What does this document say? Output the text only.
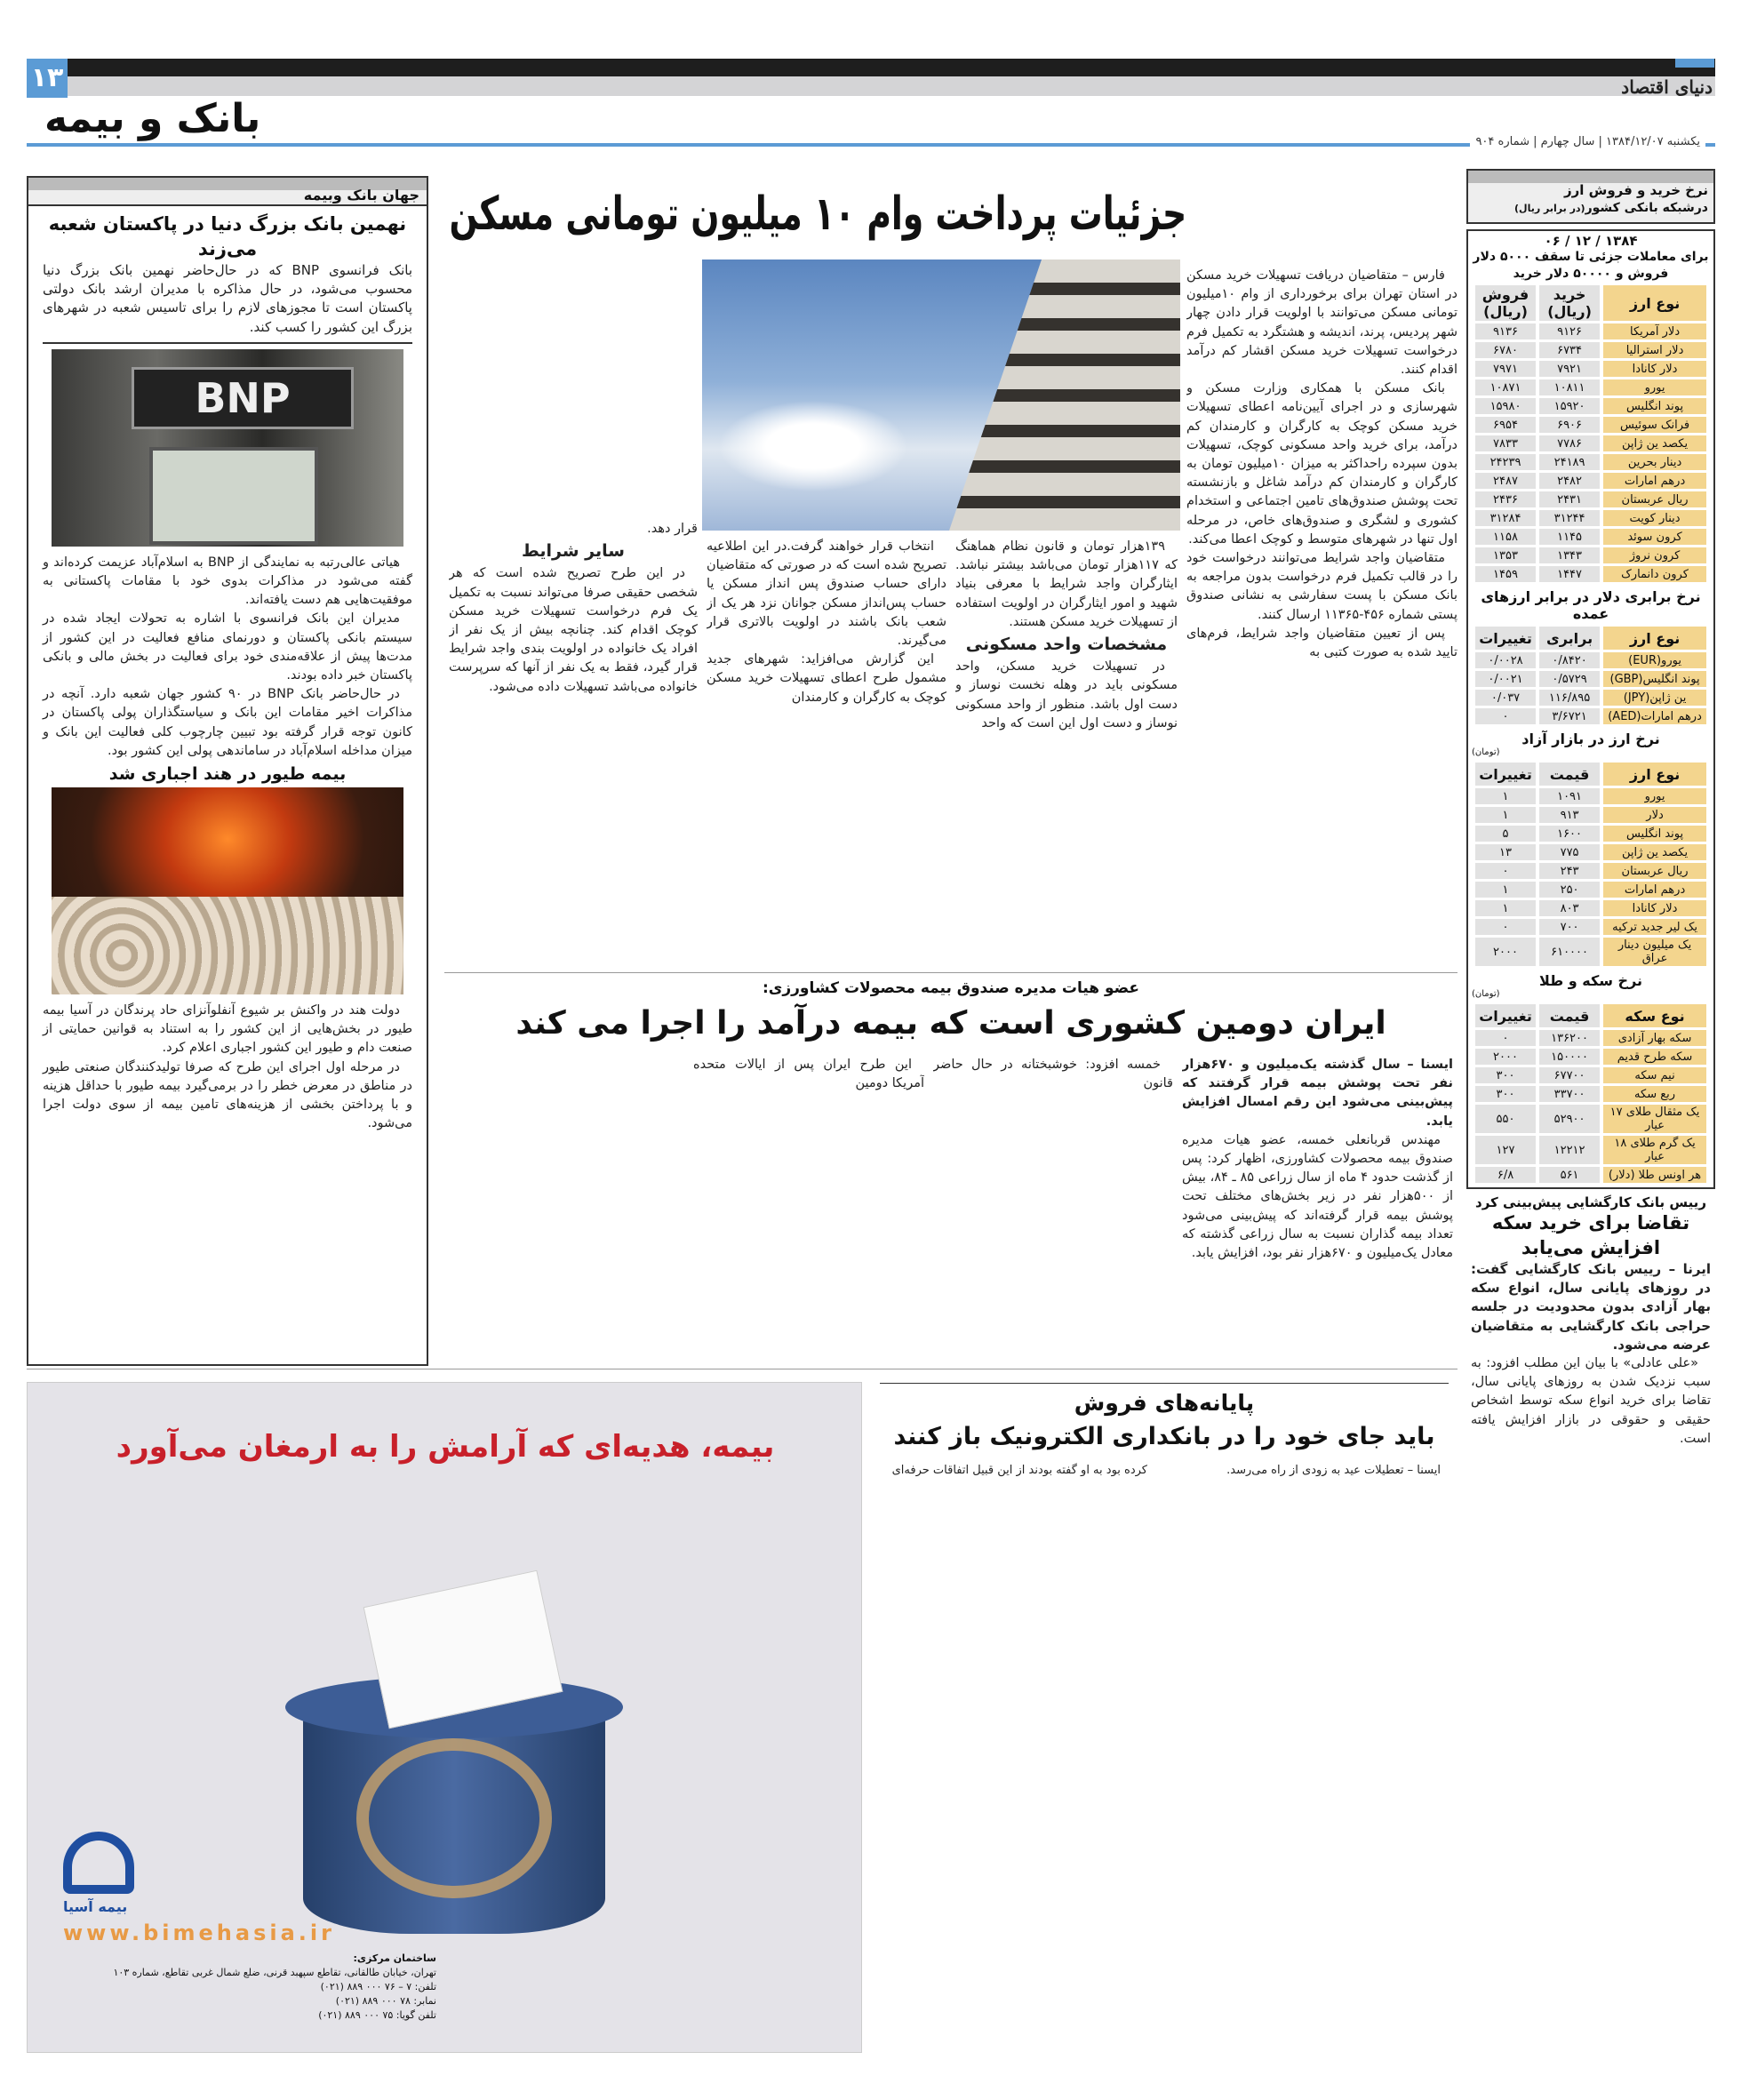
۱۳	دنیای اقتصاد
بانک و بیمه
یکشنبه ۱۳۸۴/۱۲/۰۷ | سال چهارم | شماره ۹۰۴
جهان بانک وبیمه
نهمین بانک بزرگ دنیا در پاکستان شعبه می‌زند
بانک فرانسوی BNP که در حال‌حاضر نهمین بانک بزرگ دنیا محسوب می‌شود، در حال مذاکره با مدیران ارشد بانک دولتی پاکستان است تا مجوزهای لازم را برای تاسیس شعبه در شهرهای بزرگ این کشور را کسب کند.
BNP

هیاتی عالی‌رتبه به نمایندگی از BNP به اسلام‌آباد عزیمت کرده‌اند و گفته می‌شود در مذاکرات بدوی خود با مقامات پاکستانی به موفقیت‌هایی هم دست یافته‌اند.

مدیران این بانک فرانسوی با اشاره به تحولات ایجاد شده در سیستم بانکی پاکستان و دورنمای منافع فعالیت در این کشور از مدت‌ها پیش از علاقه‌مندی خود برای فعالیت در بخش مالی و بانکی پاکستان خبر داده بودند.

در حال‌حاضر بانک BNP در ۹۰ کشور جهان شعبه دارد. آنچه در مذاکرات اخیر مقامات این بانک و سیاستگذاران پولی پاکستان در کانون توجه قرار گرفته بود تبیین چارچوب کلی فعالیت این بانک و میزان مداخله اسلام‌آباد در ساماندهی پولی این کشور بود.

بیمه طیور در هند اجباری شد

دولت هند در واکنش بر شیوع آنفلوآنزای حاد پرندگان در آسیا بیمه طیور در بخش‌هایی از این کشور را به استناد به قوانین حمایتی از صنعت دام و طیور این کشور اجباری اعلام کرد.

در مرحله اول اجرای این طرح که صرفا تولیدکنندگان صنعتی طیور در مناطق در معرض خطر را در برمی‌گیرد بیمه طیور با حداقل هزینه و با پرداختن بخشی از هزینه‌های تامین بیمه از سوی دولت اجرا می‌شود.

جزئیات پرداخت وام ۱۰ میلیون تومانی مسکن

فارس – متقاضیان دریافت تسهیلات خرید مسکن در استان تهران برای برخورداری از وام ۱۰میلیون تومانی مسکن می‌توانند با اولویت قرار دادن چهار شهر پردیس، پرند، اندیشه و هشتگرد به تکمیل فرم درخواست تسهیلات خرید مسکن اقشار کم درآمد اقدام کنند.

بانک مسکن با همکاری وزارت مسکن و شهرسازی و در اجرای آیین‌نامه اعطای تسهیلات خرید مسکن کوچک به کارگران و کارمندان کم درآمد، برای خرید واحد مسکونی کوچک، تسهیلات بدون سپرده راحداکثر به میزان ۱۰میلیون تومان به کارگران و کارمندان کم درآمد شاغل و بازنشسته تحت پوشش صندوق‌های تامین اجتماعی و استخدام کشوری و لشگری و صندوق‌های خاص، در مرحله اول تنها در شهرهای متوسط و کوچک اعطا می‌کند.

متقاضیان واجد شرایط می‌توانند درخواست خود را در قالب تکمیل فرم درخواست بدون مراجعه به بانک مسکن با پست سفارشی به نشانی صندوق پستی شماره ۴۵۶-۱۱۳۶۵ ارسال کنند.

پس از تعیین متقاضیان واجد شرایط، فرم‌های تایید شده به صورت کتبی به

۱۳۹هزار تومان و قانون نظام هماهنگ که ۱۱۷هزار تومان می‌باشد بیشتر نباشد. ایثارگران واجد شرایط با معرفی بنیاد شهید و امور ایثارگران در اولویت استفاده از تسهیلات خرید مسکن هستند.

مشخصات واحد مسکونی

در تسهیلات خرید مسکن، واحد مسکونی باید در وهله نخست نوساز و دست اول باشد. منظور از واحد مسکونی نوساز و دست اول این است که واحد

انتخاب قرار خواهند گرفت.در این اطلاعیه تصریح شده است که در صورتی که متقاضیان دارای حساب صندوق پس انداز مسکن یا حساب پس‌انداز مسکن جوانان نزد هر یک از شعب بانک باشند در اولویت بالاتری قرار می‌گیرند.

این گزارش می‌افزاید: شهرهای جدید مشمول طرح اعطای تسهیلات خرید مسکن کوچک به کارگران و کارمندان

قرار دهد.
سایر شرایط

در این طرح تصریح شده است که هر شخصی حقیقی صرفا می‌تواند نسبت به تکمیل یک فرم درخواست تسهیلات خرید مسکن کوچک اقدام کند. چنانچه بیش از یک نفر از افراد یک خانواده در اولویت بندی واجد شرایط قرار گیرد، فقط به یک نفر از آنها که سرپرست خانواده می‌باشد تسهیلات داده می‌شود.

عضو هیات مدیره صندوق بیمه محصولات کشاورزی:
ایران دومین کشوری است که بیمه درآمد را اجرا می کند
ایسنا – سال گذشته یک‌میلیون و ۶۷۰هزار نفر تحت پوشش بیمه قرار گرفتند که پیش‌بینی می‌شود این رقم امسال افزایش یابد.

مهندس قربانعلی خمسه، عضو هیات مدیره صندوق بیمه محصولات کشاورزی، اظهار کرد: پس از گذشت حدود ۴ ماه از سال زراعی ۸۵ ـ ۸۴، بیش از ۵۰۰هزار نفر در زیر بخش‌های مختلف تحت پوشش بیمه قرار گرفته‌اند که پیش‌بینی می‌شود تعداد بیمه گذاران نسبت به سال زراعی گذشته که معادل یک‌میلیون و ۶۷۰هزار نفر بود، افزایش یابد.

خمسه افزود: خوشبختانه در حال حاضر قانون

این طرح ایران پس از ایالات متحده آمریکا دومین

بیمه، هدیه‌ای که آرامش را به ارمغان می‌آورد
بیمه آسیا
www.bimehasia.ir
ساختمان مرکزی:
تهران، خیابان طالقانی، تقاطع سپهبد قرنی، ضلع شمال غربی تقاطع، شماره ۱۰۳
تلفن: ۷ – ۷۶ ۰۰۰ ۸۸۹ (۰۲۱)
نمابر: ۷۸ ۰۰۰ ۸۸۹ (۰۲۱)
تلفن گویا: ۷۵ ۰۰۰ ۸۸۹ (۰۲۱)
پایانه‌های فروش
باید جای خود را در بانکداری الکترونیک باز کنند

ایسنا – تعطیلات عید به زودی از راه می‌رسد.

کرده بود به او گفته بودند از این قبیل اتفاقات حرفه‌ای

نرخ خرید و فروش ارز
درشبکه بانکی کشور(در برابر ریال)
۱۳۸۴ / ۱۲ / ۰۶
برای معاملات جزئی تا سقف ۵۰۰۰ دلار فروش و ۵۰۰۰۰ دلار خرید
نوع ارز	خرید (ریال)	فروش (ریال)
دلار آمریکا	۹۱۲۶	۹۱۳۶
دلار استرالیا	۶۷۳۴	۶۷۸۰
دلار کانادا	۷۹۲۱	۷۹۷۱
یورو	۱۰۸۱۱	۱۰۸۷۱
پوند انگلیس	۱۵۹۲۰	۱۵۹۸۰
فرانک سوئیس	۶۹۰۶	۶۹۵۴
یکصد ین ژاپن	۷۷۸۶	۷۸۳۳
دینار بحرین	۲۴۱۸۹	۲۴۲۳۹
درهم امارات	۲۴۸۲	۲۴۸۷
ریال عربستان	۲۴۳۱	۲۴۳۶
دینار کویت	۳۱۲۴۴	۳۱۲۸۴
کرون سوئد	۱۱۴۵	۱۱۵۸
کرون نروژ	۱۳۴۳	۱۳۵۳
کرون دانمارک	۱۴۴۷	۱۴۵۹
نرخ برابری دلار در برابر ارزهای عمده
نوع ارز	برابری	تغییرات
یورو(EUR)	۰/۸۴۲۰	۰/۰۰۲۸
پوند انگلیس(GBP)	۰/۵۷۲۹	۰/۰۰۲۱
ین ژاپن(JPY)	۱۱۶/۸۹۵	۰/۰۳۷
درهم امارات(AED)	۳/۶۷۲۱	۰
نرخ ارز در بازار آزاد
(تومان)
نوع ارز	قیمت	تغییرات
یورو	۱۰۹۱	۱
دلار	۹۱۳	۱
پوند انگلیس	۱۶۰۰	۵
یکصد ین ژاپن	۷۷۵	۱۳
ریال عربستان	۲۴۳	۰
درهم امارات	۲۵۰	۱
دلار کانادا	۸۰۳	۱
یک لیر جدید ترکیه	۷۰۰	۰
یک میلیون دینار عراق	۶۱۰۰۰۰	۲۰۰۰
نرخ سکه و طلا
(تومان)
نوع سکه	قیمت	تغییرات
سکه بهار آزادی	۱۳۶۲۰۰	۰
سکه طرح قدیم	۱۵۰۰۰۰	۲۰۰۰
نیم سکه	۶۷۷۰۰	۳۰۰
ربع سکه	۳۳۷۰۰	۳۰۰
یک مثقال طلای ۱۷ عیار	۵۲۹۰۰	۵۵۰
یک گرم طلای ۱۸ عیار	۱۲۲۱۲	۱۲۷
هر اونس طلا (دلار)	۵۶۱	۶/۸
رییس بانک کارگشایی پیش‌بینی کرد
تقاضا برای خرید سکه افزایش می‌یابد
ایرنا – رییس بانک کارگشایی گفت: در روزهای پایانی سال، انواع سکه بهار آزادی بدون محدودیت در جلسه حراجی بانک کارگشایی به متقاضیان عرضه می‌شود.

«علی عادلی» با بیان این مطلب افزود: به سبب نزدیک شدن به روزهای پایانی سال، تقاضا برای خرید انواع سکه توسط اشخاص حقیقی و حقوقی در بازار افزایش یافته است.
